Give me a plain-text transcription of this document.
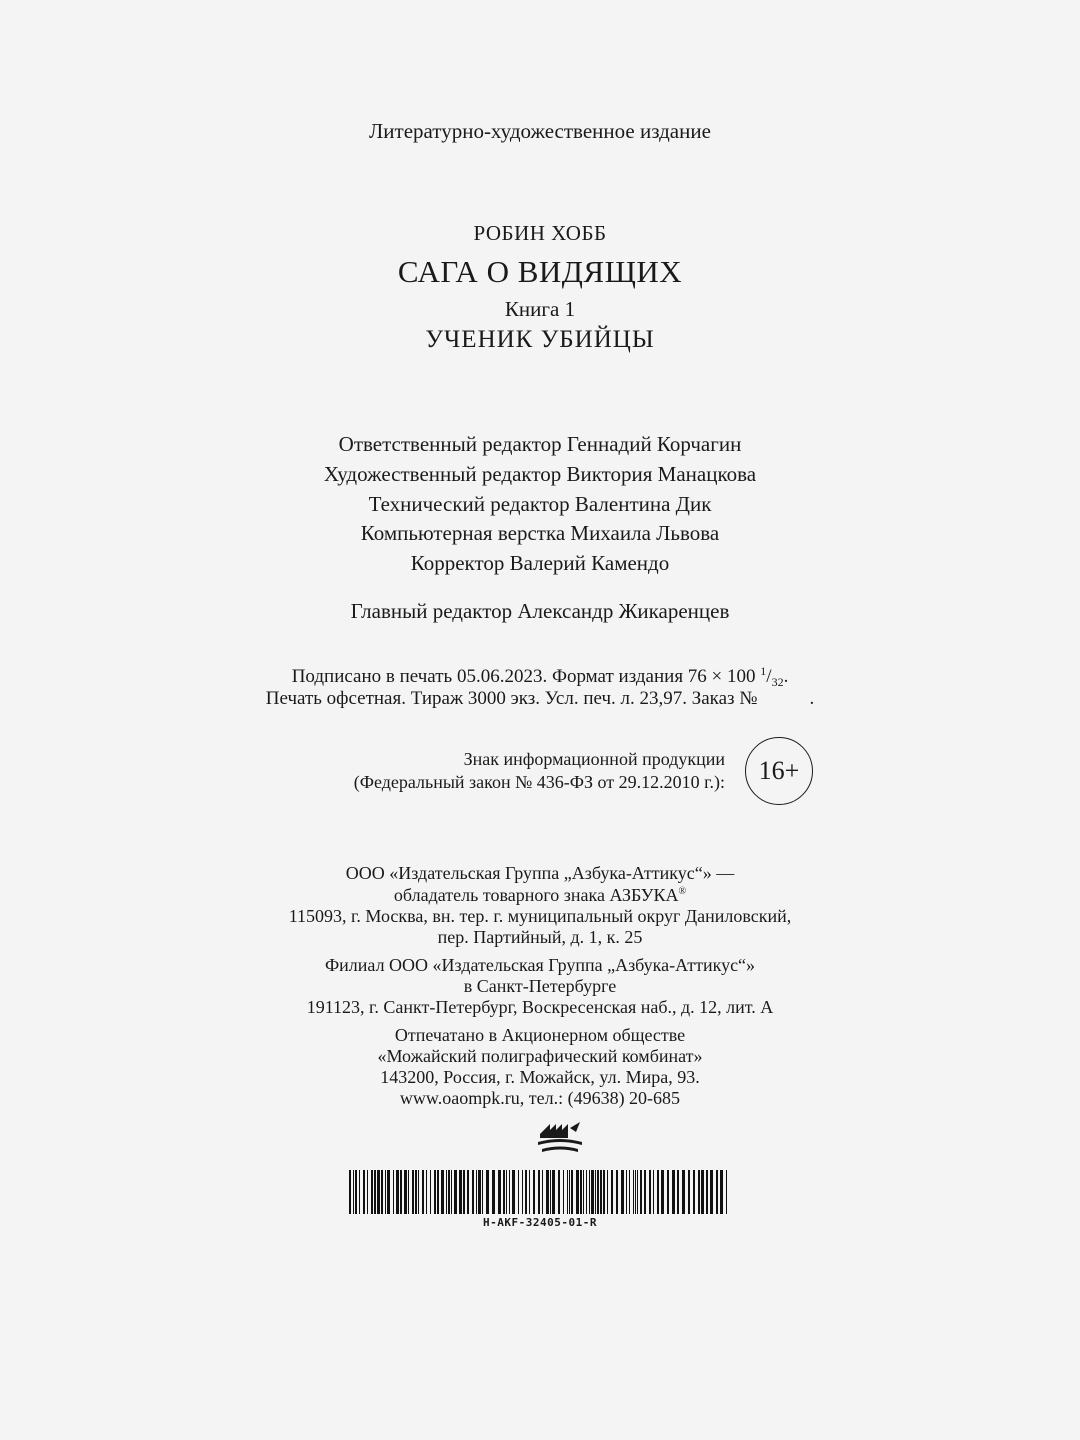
Литературно-художественное издание
РОБИН ХОББ
САГА О ВИДЯЩИХ
Книга 1
УЧЕНИК УБИЙЦЫ
Ответственный редактор Геннадий Корчагин
Художественный редактор Виктория Манацкова
Технический редактор Валентина Дик
Компьютерная верстка Михаила Львова
Корректор Валерий Камендо
Главный редактор Александр Жикаренцев
Подписано в печать 05.06.2023. Формат издания 76 × 100 $^1/_{32}$.
Печать офсетная. Тираж 3000 экз. Усл. печ. л. 23,97. Заказ №	.
Знак информационной продукции
(Федеральный закон № 436-ФЗ от 29.12.2010 г.): 16+
ООО «Издательская Группа „Азбука-Аттикус“» —
обладатель товарного знака АЗБУКА®
115093, г. Москва, вн. тер. г. муниципальный округ Даниловский,
пер. Партийный, д. 1, к. 25
Филиал ООО «Издательская Группа „Азбука-Аттикус“»
в Санкт-Петербурге
191123, г. Санкт-Петербург, Воскресенская наб., д. 12, лит. А
Отпечатано в Акционерном обществе
«Можайский полиграфический комбинат»
143200, Россия, г. Можайск, ул. Мира, 93.
www.oaompk.ru, тел.: (49638) 20-685
H-AKF-32405-01-R
